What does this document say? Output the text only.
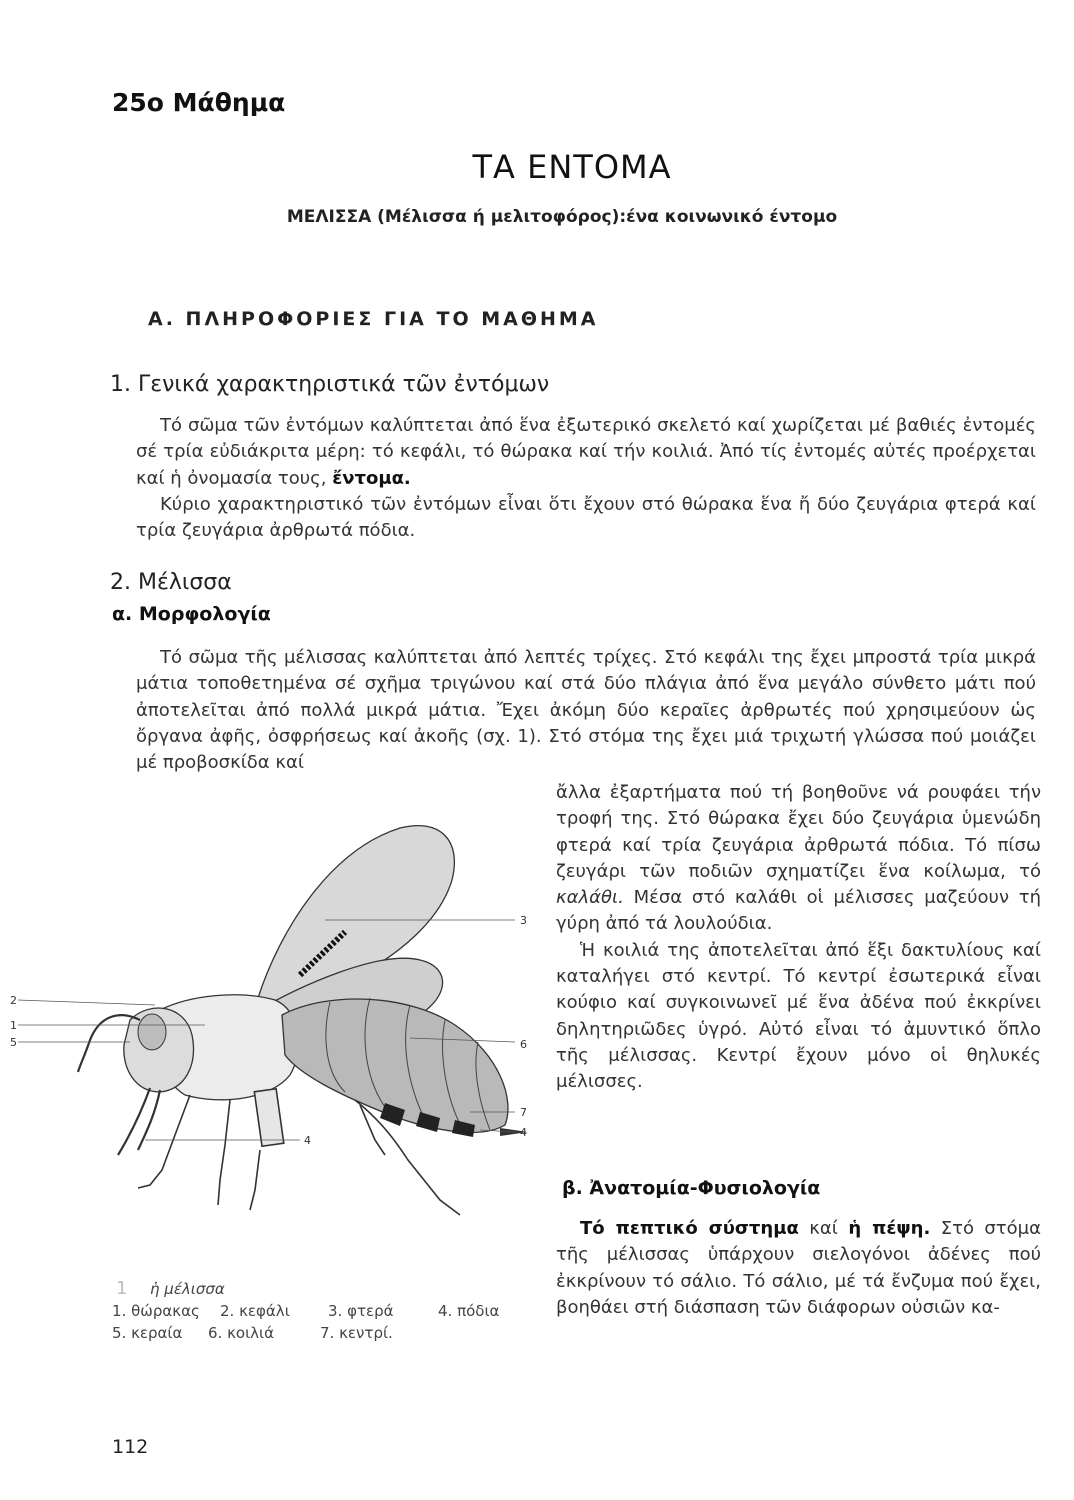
25ο Μάθημα
ΤΑ ΕΝΤΟΜΑ
ΜΕΛΙΣΣΑ (Μέλισσα ή μελιτοφόρος):ένα κοινωνικό έντομο
Α. ΠΛΗΡΟΦΟΡΙΕΣ ΓΙΑ ΤΟ ΜΑΘΗΜΑ
1. Γενικά χαρακτηριστικά τῶν ἐντόμων

Τό σῶμα τῶν ἐντόμων καλύπτεται ἀπό ἕνα ἐξωτερικό σκελετό καί χωρίζεται μέ βαθιές ἐντομές σέ τρία εὐδιάκριτα μέρη: τό κεφάλι, τό θώρακα καί τήν κοιλιά. Ἀπό τίς ἐντομές αὐτές προέρχεται καί ἡ ὀνομασία τους, ἔντομα.

Κύριο χαρακτηριστικό τῶν ἐντόμων εἶναι ὅτι ἔχουν στό θώρακα ἕνα ἤ δύο ζευγάρια φτερά καί τρία ζευγάρια ἀρθρωτά πόδια.

2. Μέλισσα
α. Μορφολογία

Τό σῶμα τῆς μέλισσας καλύπτεται ἀπό λεπτές τρίχες. Στό κεφάλι της ἔχει μπροστά τρία μικρά μάτια τοποθετημένα σέ σχῆμα τριγώνου καί στά δύο πλάγια ἀπό ἕνα μεγάλο σύνθετο μάτι πού ἀποτελεῖται ἀπό πολλά μικρά μάτια. Ἔχει ἀκόμη δύο κεραῖες ἀρθρωτές πού χρησιμεύουν ὡς ὄργανα ἀφῆς, ὀσφρήσεως καί ἀκοῆς (σχ. 1). Στό στόμα της ἔχει μιά τριχωτή γλώσσα πού μοιάζει μέ προβοσκίδα καί

ἄλλα ἐξαρτήματα πού τή βοηθοῦνε νά ρουφάει τήν τροφή της. Στό θώρακα ἔχει δύο ζευγάρια ὑμενώδη φτερά καί τρία ζευγάρια ἀρθρωτά πόδια. Τό πίσω ζευγάρι τῶν ποδιῶν σχηματίζει ἕνα κοίλωμα, τό καλάθι. Μέσα στό καλάθι οἱ μέλισσες μαζεύουν τή γύρη ἀπό τά λουλούδια.

Ἡ κοιλιά της ἀποτελεῖται ἀπό ἕξι δακτυλίους καί καταλήγει στό κεντρί. Τό κεντρί ἐσωτερικά εἶναι κούφιο καί συγκοινωνεῖ μέ ἕνα ἀδένα πού ἐκκρίνει δηλητηριῶδες ὑγρό. Αὐτό εἶναι τό ἀμυντικό ὅπλο τῆς μέλισσας. Κεντρί ἔχουν μόνο οἱ θηλυκές μέλισσες.

β. Ἀνατομία-Φυσιολογία

Τό πεπτικό σύστημα καί ἡ πέψη. Στό στόμα τῆς μέλισσας ὑπάρχουν σιελογόνοι ἀδένες πού ἐκκρίνουν τό σάλιο. Τό σάλιο, μέ τά ἔνζυμα πού ἔχει, βοηθάει στή διάσπαση τῶν διάφορων οὐσιῶν κα-

2
1
5
3
6
7
4
4
1	ἡ μέλισσα
1. θώρακας	2. κεφάλι	3. φτερά	4. πόδια
5. κεραία	6. κοιλιά	7. κεντρί.
112
